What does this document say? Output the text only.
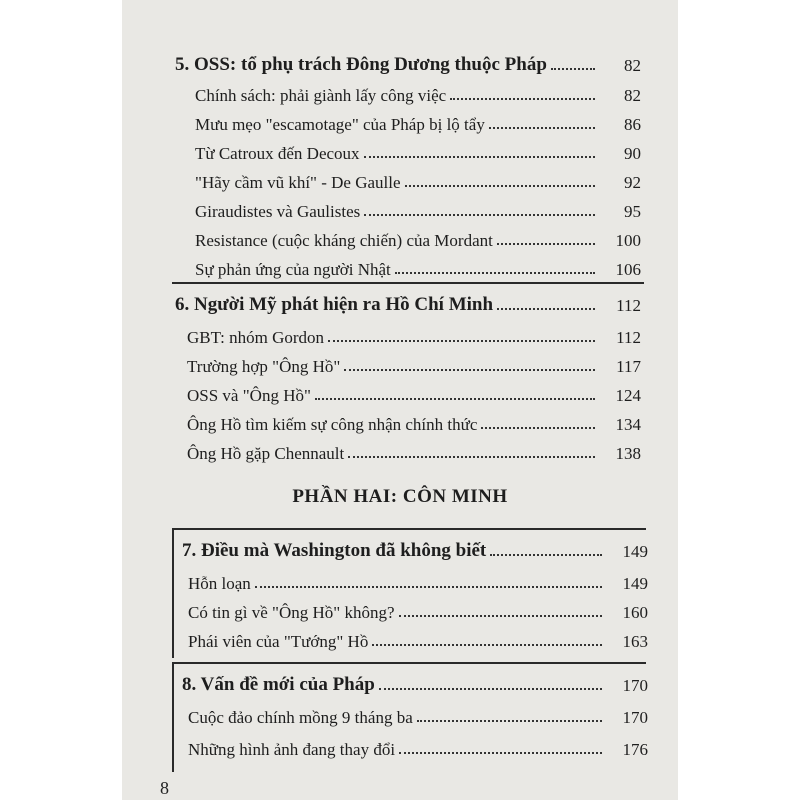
5. OSS: tổ phụ trách Đông Dương thuộc Pháp	82
Chính sách: phải giành lấy công việc	82
Mưu mẹo "escamotage" của Pháp bị lộ tẩy	86
Từ Catroux đến Decoux	90
"Hãy cầm vũ khí" - De Gaulle	92
Giraudistes và Gaulistes	95
Resistance (cuộc kháng chiến) của Mordant	100
Sự phản ứng của người Nhật	106
6. Người Mỹ phát hiện ra Hồ Chí Minh	112
GBT: nhóm Gordon	112
Trường hợp "Ông Hồ"	117
OSS và "Ông Hồ"	124
Ông Hồ tìm kiếm sự công nhận chính thức	134
Ông Hồ gặp Chennault	138
PHẦN HAI: CÔN MINH
7. Điều mà Washington đã không biết	149
Hỗn loạn	149
Có tin gì về "Ông Hồ" không?	160
Phái viên của "Tướng" Hồ	163
8. Vấn đề mới của Pháp	170
Cuộc đảo chính mồng 9 tháng ba	170
Những hình ảnh đang thay đổi	176
8
